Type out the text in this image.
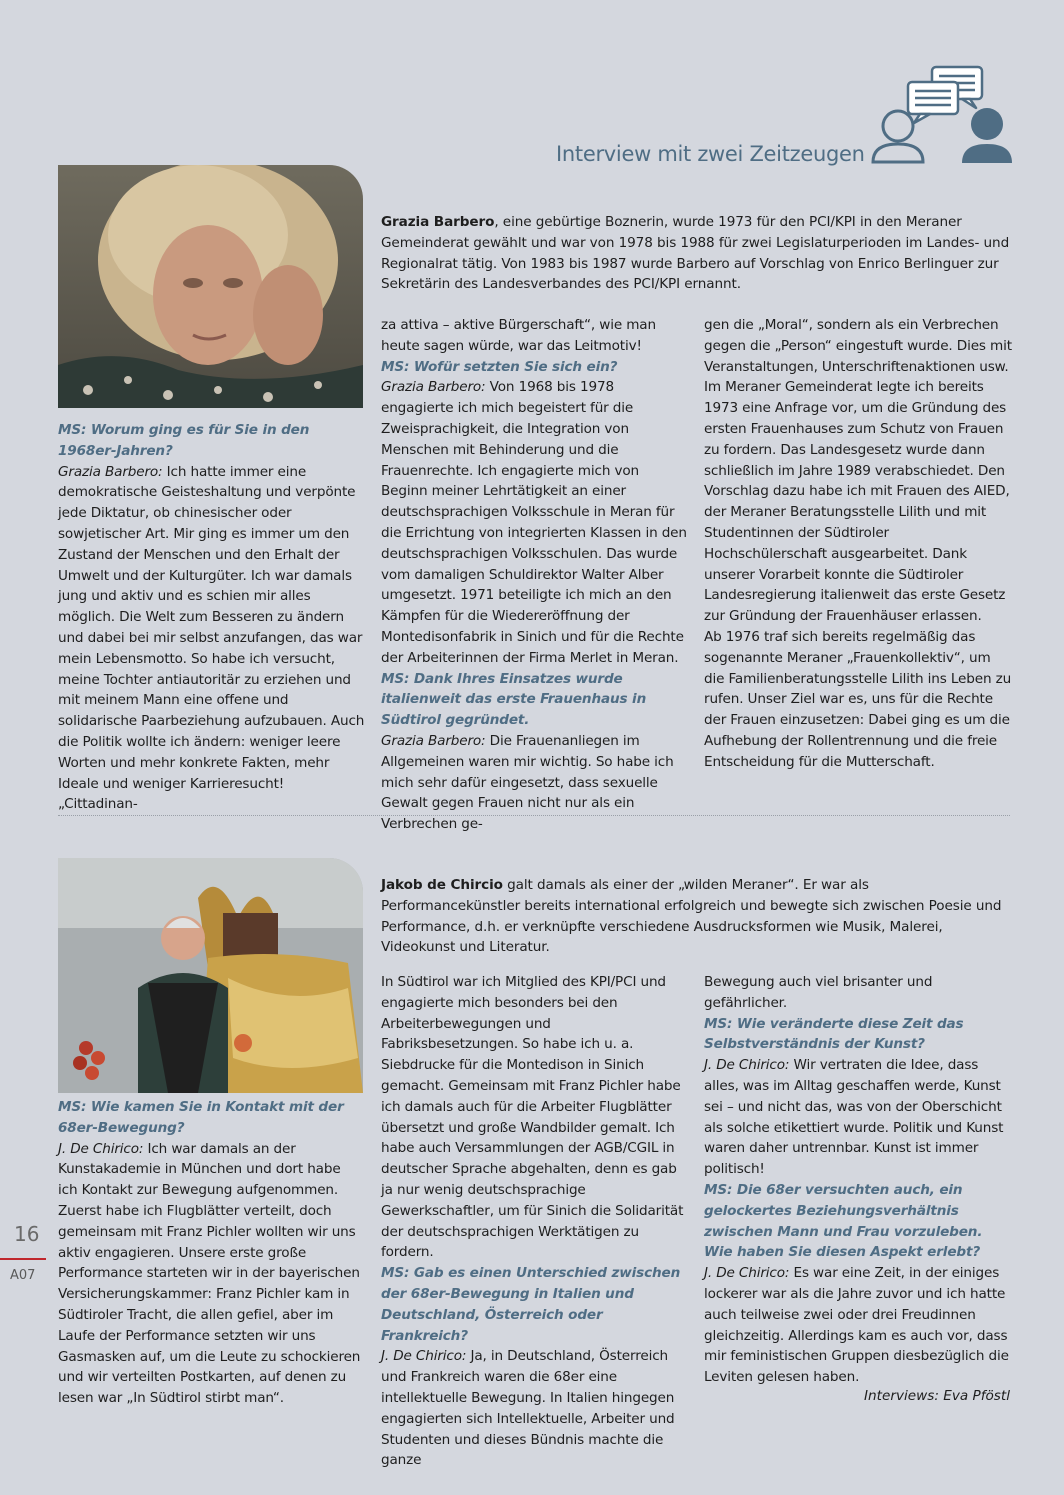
Interview mit zwei Zeitzeugen
Grazia Barbero, eine gebürtige Boznerin, wurde 1973 für den PCI/KPI in den Meraner Gemeinderat gewählt und war von 1978 bis 1988 für zwei Legislaturperioden im Landes- und Regionalrat tätig. Von 1983 bis 1987 wurde Barbero auf Vorschlag von Enrico Berlinguer zur Sekretärin des Landesverbandes des PCI/KPI ernannt.

MS: Worum ging es für Sie in den 1968er-Jahren?

Grazia Barbero: Ich hatte immer eine demokratische Geisteshaltung und verpönte jede Diktatur, ob chinesischer oder sowjetischer Art. Mir ging es immer um den Zustand der Menschen und den Erhalt der Umwelt und der Kulturgüter. Ich war damals jung und aktiv und es schien mir alles möglich. Die Welt zum Besseren zu ändern und dabei bei mir selbst anzufangen, das war mein Lebensmotto. So habe ich versucht, meine Tochter antiautoritär zu erziehen und mit meinem Mann eine offene und solidarische Paarbeziehung aufzubauen. Auch die Politik wollte ich ändern: weniger leere Worten und mehr konkrete Fakten, mehr Ideale und weniger Karrieresucht! „Cittadinan-

za attiva – aktive Bürgerschaft“, wie man heute sagen würde, war das Leitmotiv!

MS: Wofür setzten Sie sich ein?

Grazia Barbero: Von 1968 bis 1978 engagierte ich mich begeistert für die Zweisprachigkeit, die Integration von Menschen mit Behinderung und die Frauenrechte. Ich engagierte mich von Beginn meiner Lehrtätigkeit an einer deutschsprachigen Volksschule in Meran für die Errichtung von integrierten Klassen in den deutschsprachigen Volksschulen. Das wurde vom damaligen Schuldirektor Walter Alber umgesetzt. 1971 beteiligte ich mich an den Kämpfen für die Wiedereröffnung der Montedisonfabrik in Sinich und für die Rechte der Arbeiterinnen der Firma Merlet in Meran.

MS: Dank Ihres Einsatzes wurde italienweit das erste Frauenhaus in Südtirol gegründet.

Grazia Barbero: Die Frauenanliegen im Allgemeinen waren mir wichtig. So habe ich mich sehr dafür eingesetzt, dass sexuelle Gewalt gegen Frauen nicht nur als ein Verbrechen ge-

gen die „Moral“, sondern als ein Verbrechen gegen die „Person“ eingestuft wurde. Dies mit Veranstaltungen, Unterschriftenaktionen usw. Im Meraner Gemeinderat legte ich bereits 1973 eine Anfrage vor, um die Gründung des ersten Frauenhauses zum Schutz von Frauen zu fordern. Das Landesgesetz wurde dann schließlich im Jahre 1989 verabschiedet. Den Vorschlag dazu habe ich mit Frauen des AIED, der Meraner Beratungsstelle Lilith und mit Studentinnen der Südtiroler Hochschülerschaft ausgearbeitet. Dank unserer Vorarbeit konnte die Südtiroler Landesregierung italienweit das erste Gesetz zur Gründung der Frauenhäuser erlassen.

Ab 1976 traf sich bereits regelmäßig das sogenannte Meraner „Frauenkollektiv“, um die Familienberatungsstelle Lilith ins Leben zu rufen. Unser Ziel war es, uns für die Rechte der Frauen einzusetzen: Dabei ging es um die Aufhebung der Rollentrennung und die freie Entscheidung für die Mutterschaft.

Jakob de Chircio galt damals als einer der „wilden Meraner“. Er war als Performancekünstler bereits international erfolgreich und bewegte sich zwischen Poesie und Performance, d.h. er verknüpfte verschiedene Ausdrucksformen wie Musik, Malerei, Videokunst und Literatur.

MS: Wie kamen Sie in Kontakt mit der 68er-Bewegung?

J. De Chirico: Ich war damals an der Kunstakademie in München und dort habe ich Kontakt zur Bewegung aufgenommen. Zuerst habe ich Flugblätter verteilt, doch gemeinsam mit Franz Pichler wollten wir uns aktiv engagieren. Unsere erste große Performance starteten wir in der bayerischen Versicherungskammer: Franz Pichler kam in Südtiroler Tracht, die allen gefiel, aber im Laufe der Performance setzten wir uns Gasmasken auf, um die Leute zu schockieren und wir verteilten Postkarten, auf denen zu lesen war „In Südtirol stirbt man“.

In Südtirol war ich Mitglied des KPI/PCI und engagierte mich besonders bei den Arbeiterbewegungen und Fabriksbesetzungen. So habe ich u. a. Siebdrucke für die Montedison in Sinich gemacht. Gemeinsam mit Franz Pichler habe ich damals auch für die Arbeiter Flugblätter übersetzt und große Wandbilder gemalt. Ich habe auch Versammlungen der AGB/CGIL in deutscher Sprache abgehalten, denn es gab ja nur wenig deutschsprachige Gewerkschaftler, um für Sinich die Solidarität der deutschsprachigen Werktätigen zu fordern.

MS: Gab es einen Unterschied zwischen der 68er-Bewegung in Italien und Deutschland, Österreich oder Frankreich?

J. De Chirico: Ja, in Deutschland, Österreich und Frankreich waren die 68er eine intellektuelle Bewegung. In Italien hingegen engagierten sich Intellektuelle, Arbeiter und Studenten und dieses Bündnis machte die ganze

Bewegung auch viel brisanter und gefährlicher.

MS: Wie veränderte diese Zeit das Selbstverständnis der Kunst?

J. De Chirico: Wir vertraten die Idee, dass alles, was im Alltag geschaffen werde, Kunst sei – und nicht das, was von der Oberschicht als solche etikettiert wurde. Politik und Kunst waren daher untrennbar. Kunst ist immer politisch!

MS: Die 68er versuchten auch, ein gelockertes Beziehungsverhältnis zwischen Mann und Frau vorzuleben. Wie haben Sie diesen Aspekt erlebt?

J. De Chirico: Es war eine Zeit, in der einiges lockerer war als die Jahre zuvor und ich hatte auch teilweise zwei oder drei Freudinnen gleichzeitig. Allerdings kam es auch vor, dass mir feministischen Gruppen diesbezüglich die Leviten gelesen haben.

Interviews: Eva Pföstl
16
A07
